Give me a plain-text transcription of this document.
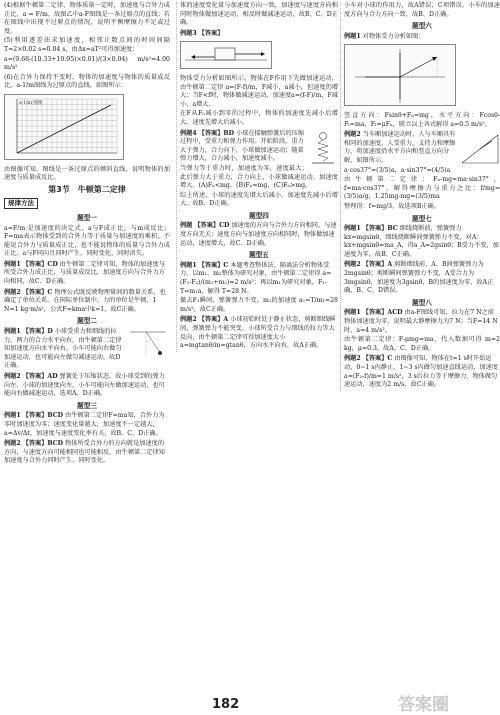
(4)根据牛顿第二定律，物体质量一定时，加速度与合外力成正比，a = F/m，故图乙中a-F图线是一条过原点的直线；若在图线中出现不过原点的情况，说明平衡摩擦力不足或过度。

(5)利用逐差法求加速度，相邻计数点间的时间间隔T=2×0.02 s=0.04 s，由Δx=aT²可得加速度：

a=(9.68-(10.33+10.95)×0.01)/(3×0.04) m/s²≈4.00 m/s²

(6)在合外力保持不变时，物体的加速度与物体的质量成反比，a-1/m图线为过原点的直线，如图所示：

a-1/m 图像

由图像可知，图线是一条过原点的倾斜直线，说明物体的加速度与质量成反比。

第3节　牛顿第二定律
规律方法
题型一

a=F/m 是加速度的决定式，a与F成正比，与m成反比；F=ma表示物体受到的合外力等于质量与加速度的乘积，不能说合外力与质量成正比，也不能说物体的质量与合外力成正比。a与F同向且同时产生、同时变化、同时消失。

例题1 【答案】CD 由牛顿第二定律可知，物体的加速度与所受合外力成正比，与质量成反比，加速度方向与合外力方向相同，故C、D正确。
例题2 【答案】C 物理公式既反映物理量间的数量关系，也确定了单位关系。在国际单位制中，力的单位是牛顿，1 N=1 kg·m/s²，公式F=kma中k=1，故C正确。
题型二
例题1 【答案】D 小球受重力和细线的拉力，两力的合力水平向右，由牛顿第二定律知加速度方向水平向右，小车可能向右做匀加速运动，也可能向左做匀减速运动，故D正确。
例题2 【答案】AD 弹簧处于压缩状态，故小球受到的弹力向左，小球的加速度向左，小车可能向左做加速运动，也可能向右做减速运动，选项A、D正确。
题型三
例题1 【答案】BCD 由牛顿第二定律F=ma知，合外力为零时加速度为零；速度变化量越大，加速度不一定越大，a=Δv/Δt，加速度与速度变化率有关，故B、C、D正确。
例题2 【答案】BCD 物体所受合外力的方向就是加速度的方向，与速度方向可能相同也可能相反，由牛顿第二定律知加速度与合外力同时产生、同时变化。

体的速度变化量与加速度方向一致，加速度与速度方向相同时物体做加速运动，相反时做减速运动，故B、C、D正确。

例题3 【答案】

物体受力分析如图所示。物体在F作用下先做加速运动，由牛顿第二定律 a=(F-f)/m，F减小，a减小，但速度仍增大；当F<f时，物体做减速运动，加速度a=(f-F)/m，F减小，a增大。

在F从F₀减小到零的过程中，物体的加速度先减小后增大，速度先增大后减小。

例题4 【答案】BD 小球在接触弹簧后的压缩过程中，受重力和弹力作用。开始阶段，重力大于弹力，合力向下，小球做加速运动；随着弹力增大，合力减小，加速度减小。

当弹力等于重力时，加速度为零，速度最大；此后弹力大于重力，合力向上，小球做减速运动，加速度增大。(A)Fₙ<mg，(B)Fₙ=mg，(C)Fₙ>mg。

综上所述，小球的速度先增大后减小，加速度先减小后增大，故B、D正确。

题型四
例题 【答案】CD 加速度的方向与合外力方向相同，与速度方向无关；速度方向与加速度方向相同时，物体做加速运动，速度增大，故C、D正确。
题型五
例题1 【答案】C 本题考查整体法、隔离法分析物体受力。以m₁、m₂整体为研究对象，由牛顿第二定律得 a=(F₁-F₂)/(m₁+m₂)=2 m/s²；再以m₁为研究对象，F₁-T=m₁a，解得 T=28 N。

撤去F₁瞬间，弹簧弹力不变，m₁的加速度 a₁=T/m₁=28 m/s²，故C正确。

例题2 【答案】A 小球初始时处于静止状态，剪断细线瞬间，弹簧弹力不能突变，小球所受合力与细线的拉力等大反向，由牛顿第二定律可得加速度大小 a=mgtanθ/m=gtanθ，方向水平向右，故A正确。

小车对小球的作用力，故A错误，C项错误，小车的加速度方向与合力方向一致，故B、D正确。

题型六
例题1 对物体受力分析如图：

竖直方向：Fsinθ+Fₙ=mg，水平方向：Fcosθ-Fₗ=ma，Fₗ=μFₙ，联立以上各式解得 a=0.5 m/s²。

例题2 当车厢加速运动时，人与车厢具有相同的加速度，人受重力、支持力和摩擦力，将加速度沿水平方向和竖直方向分解，如图所示。

a·cos37°=(3/5)a，a·sin37°=(4/5)a

由牛顿第二定律：Fₙ-mg=ma·sin37°，f=ma·cos37°，解得摩擦力与重力之比：f/mg=(3/5)a/g，1.25mg-mg=(3/5)ma

整理得：f=mg/3，故选项B正确。

题型七
例题1 【答案】BC 细线烧断前，弹簧弹力kx=mgsinθ，细线烧断瞬间弹簧弹力不变，对A：kx+mgsinθ=ma_A，得a_A=2gsinθ；B受力不变，加速度为零，故B、C正确。
例题2 【答案】A 剪断细线前，A、B间弹簧弹力为2mgsinθ；剪断瞬间弹簧弹力不变，A受合力为3mgsinθ，加速度为3gsinθ，B的加速度为零，故A正确，B、C、D错误。
题型八
例题1 【答案】ACD 由a-F图线可知，拉力在7 N之前物体加速度为零，说明最大静摩擦力为7 N；当F=14 N时，a=4 m/s²。

由牛顿第二定律：F-μmg=ma，代入数据可得 m=2 kg，μ=0.3，故A、C、D正确。

例题2 【答案】C 由图像可知，物体在t=1 s时开始运动，0~1 s内静止，1~3 s内做匀加速直线运动，加速度 a=(F₂-f)/m=1 m/s²，3 s后拉力等于摩擦力，物体做匀速运动，速度为2 m/s，故C正确。
182	答案圈
